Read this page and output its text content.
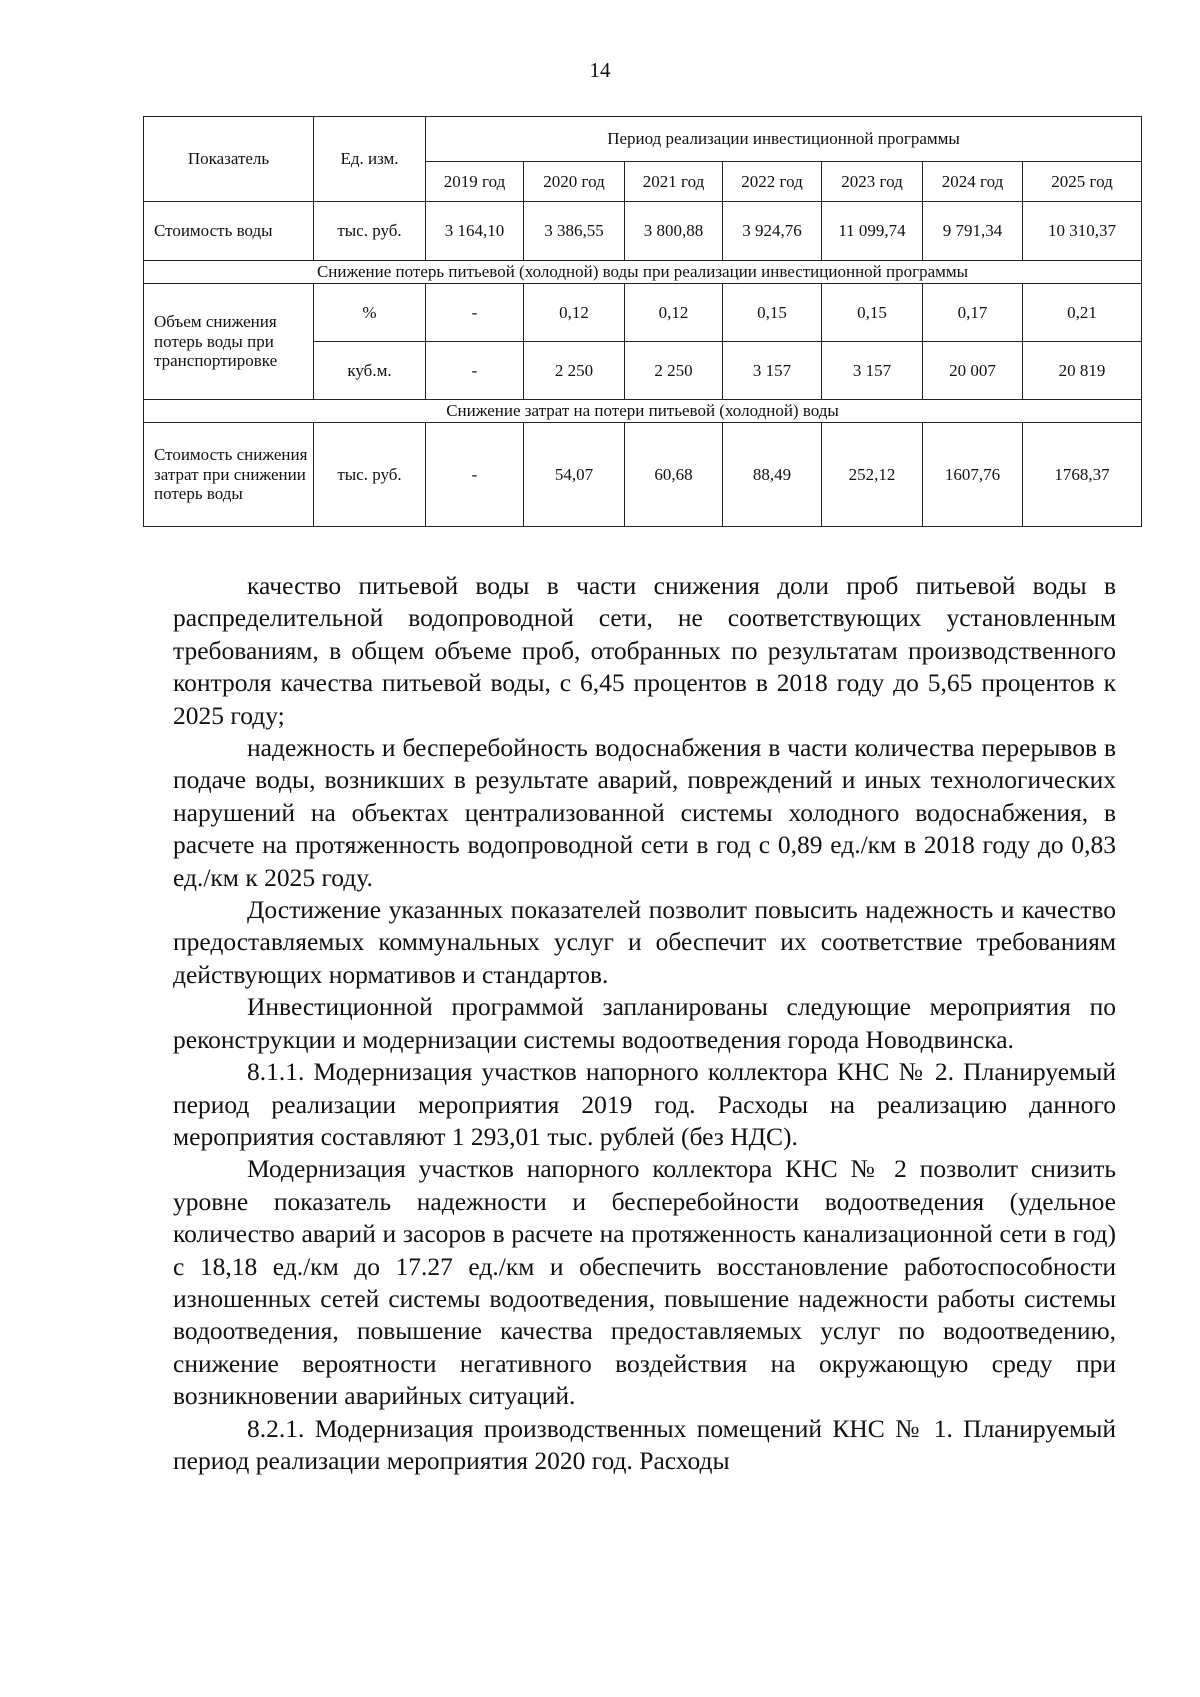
14
Показатель	Ед. изм.	Период реализации инвестиционной программы						
		2019 год	2020 год	2021 год	2022 год	2023 год	2024 год	2025 год
Стоимость воды	тыс. руб.	3 164,10	3 386,55	3 800,88	3 924,76	11 099,74	9 791,34	10 310,37
Снижение потерь питьевой (холодной) воды при реализации инвестиционной программы								
Объем снижения потерь воды при транспортировке	%	-	0,12	0,12	0,15	0,15	0,17	0,21
	куб.м.	-	2 250	2 250	3 157	3 157	20 007	20 819
Снижение затрат на потери питьевой (холодной) воды								
Стоимость снижения затрат при снижении потерь воды	тыс. руб.	-	54,07	60,68	88,49	252,12	1607,76	1768,37

качество питьевой воды в части снижения доли проб питьевой воды в распределительной водопроводной сети, не соответствующих установленным требованиям, в общем объеме проб, отобранных по результатам производственного контроля качества питьевой воды, с 6,45 процентов в 2018 году до 5,65 процентов к 2025 году;

надежность и бесперебойность водоснабжения в части количества перерывов в подаче воды, возникших в результате аварий, повреждений и иных технологических нарушений на объектах централизованной системы холодного водоснабжения, в расчете на протяженность водопроводной сети в год с 0,89 ед./км в 2018 году до 0,83 ед./км к 2025 году.

Достижение указанных показателей позволит повысить надежность и качество предоставляемых коммунальных услуг и обеспечит их соответствие требованиям действующих нормативов и стандартов.

Инвестиционной программой запланированы следующие мероприятия по реконструкции и модернизации системы водоотведения города Новодвинска.

8.1.1. Модернизация участков напорного коллектора КНС № 2. Планируемый период реализации мероприятия 2019 год. Расходы на реализацию данного мероприятия составляют 1 293,01 тыс. рублей (без НДС).

Модернизация участков напорного коллектора КНС № 2 позволит снизить уровне показатель надежности и бесперебойности водоотведения (удельное количество аварий и засоров в расчете на протяженность канализационной сети в год) с 18,18 ед./км до 17.27 ед./км и обеспечить восстановление работоспособности изношенных сетей системы водоотведения, повышение надежности работы системы водоотведения, повышение качества предоставляемых услуг по водоотведению, снижение вероятности негативного воздействия на окружающую среду при возникновении аварийных ситуаций.

8.2.1. Модернизация производственных помещений КНС № 1. Планируемый период реализации мероприятия 2020 год. Расходы
